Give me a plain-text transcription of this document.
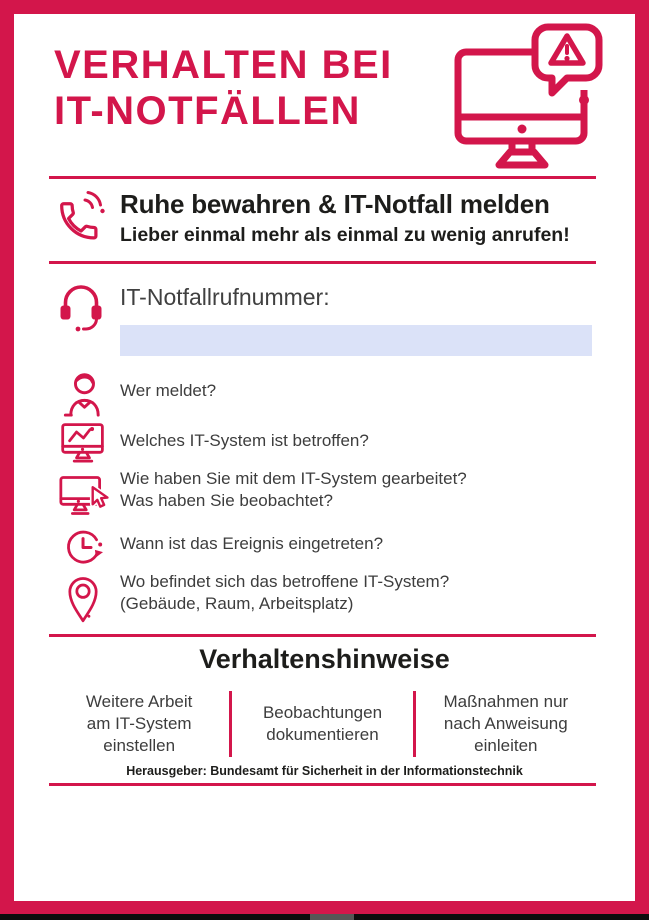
VERHALTEN BEI
IT-NOTFÄLLEN
Ruhe bewahren & IT-Notfall melden
Lieber einmal mehr als einmal zu wenig anrufen!
IT-Notfallrufnummer:
Wer meldet?
Welches IT-System ist betroffen?
Wie haben Sie mit dem IT-System gearbeitet?
Was haben Sie beobachtet?
Wann ist das Ereignis eingetreten?
Wo befindet sich das betroffene IT-System?
(Gebäude, Raum, Arbeitsplatz)
Verhaltenshinweise
Weitere Arbeit
am IT-System
einstellen
Beobachtungen
dokumentieren
Maßnahmen nur
nach Anweisung
einleiten
Herausgeber: Bundesamt für Sicherheit in der Informationstechnik
